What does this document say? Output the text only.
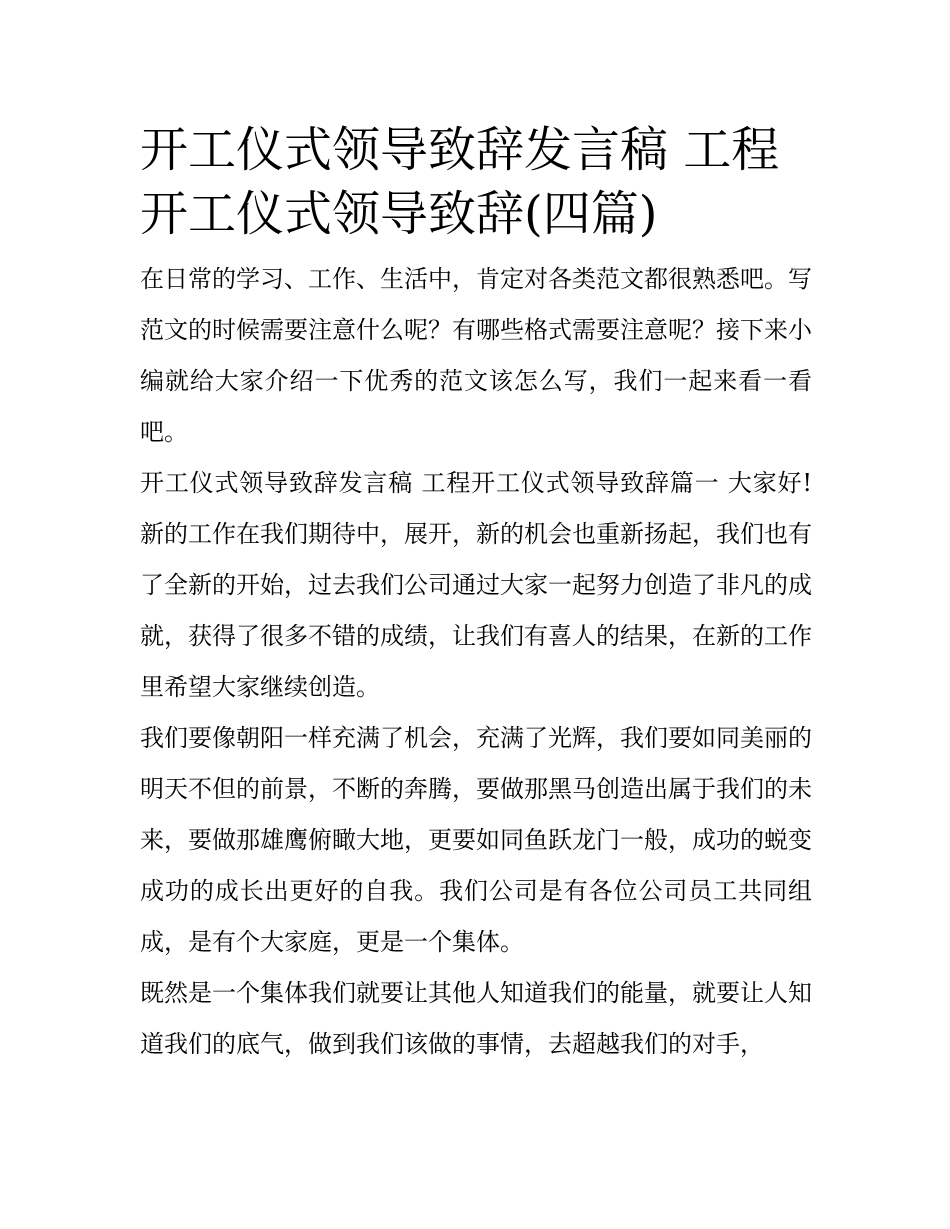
开工仪式领导致辞发言稿 工程开工仪式领导致辞(四篇)

在日常的学习、工作、生活中，肯定对各类范文都很熟悉吧。写范文的时候需要注意什么呢？有哪些格式需要注意呢？接下来小编就给大家介绍一下优秀的范文该怎么写，我们一起来看一看吧。

开工仪式领导致辞发言稿 工程开工仪式领导致辞篇一 大家好!新的工作在我们期待中，展开，新的机会也重新扬起，我们也有了全新的开始，过去我们公司通过大家一起努力创造了非凡的成就，获得了很多不错的成绩，让我们有喜人的结果，在新的工作里希望大家继续创造。

我们要像朝阳一样充满了机会，充满了光辉，我们要如同美丽的明天不但的前景，不断的奔腾，要做那黑马创造出属于我们的未来，要做那雄鹰俯瞰大地，更要如同鱼跃龙门一般，成功的蜕变成功的成长出更好的自我。我们公司是有各位公司员工共同组成，是有个大家庭，更是一个集体。

既然是一个集体我们就要让其他人知道我们的能量，就要让人知道我们的底气，做到我们该做的事情，去超越我们的对手，
